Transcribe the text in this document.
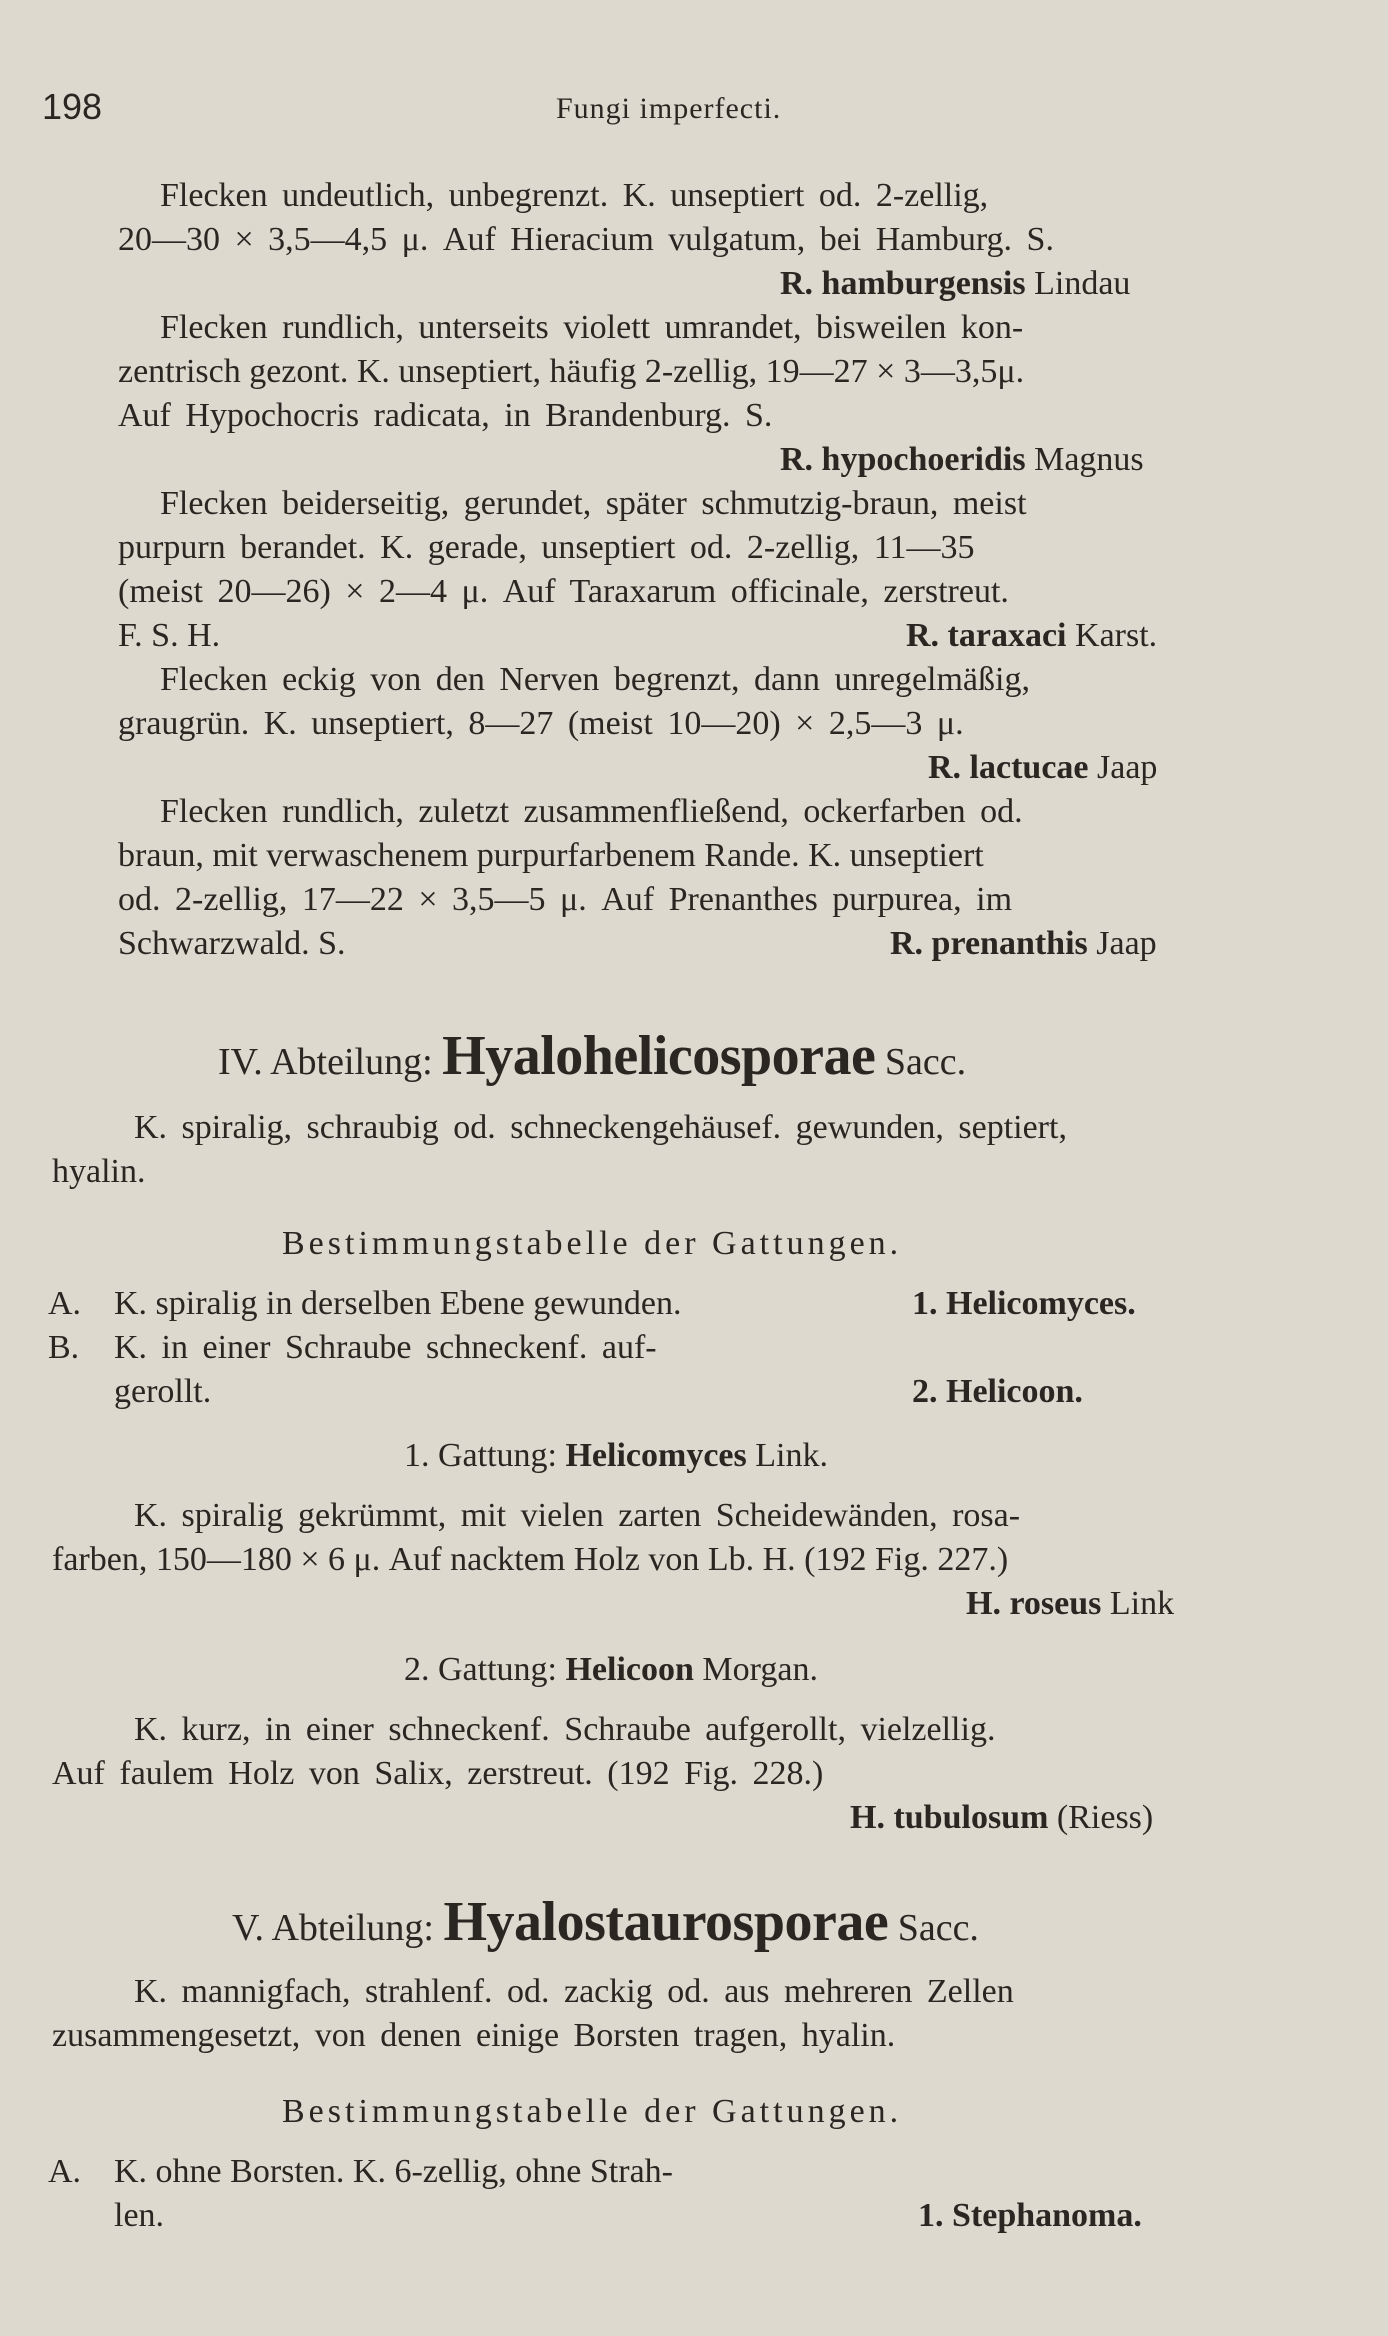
198	Fungi imperfecti.
Flecken undeutlich, unbegrenzt. K. unseptiert od. 2-zellig,
20—30 × 3,5—4,5 μ. Auf Hieracium vulgatum, bei Hamburg. S.
Flecken rundlich, unterseits violett umrandet, bisweilen kon-
zentrisch gezont. K. unseptiert, häufig 2-zellig, 19—27 × 3—3,5μ.
Auf Hypochocris radicata, in Brandenburg. S.
Flecken beiderseitig, gerundet, später schmutzig-braun, meist
purpurn berandet. K. gerade, unseptiert od. 2-zellig, 11—35
(meist 20—26) × 2—4 μ. Auf Taraxarum officinale, zerstreut.
F. S. H.
Flecken eckig von den Nerven begrenzt, dann unregelmäßig,
graugrün. K. unseptiert, 8—27 (meist 10—20) × 2,5—3 μ.
Flecken rundlich, zuletzt zusammenfließend, ockerfarben od.
braun, mit verwaschenem purpurfarbenem Rande. K. unseptiert
od. 2-zellig, 17—22 × 3,5—5 μ. Auf Prenanthes purpurea, im
Schwarzwald. S.
R. hamburgensis Lindau
R. hypochoeridis Magnus
R. taraxaci Karst.
R. lactucae Jaap
R. prenanthis Jaap
IV. Abteilung: Hyalohelicosporae Sacc.
K. spiralig, schraubig od. schneckengehäusef. gewunden, septiert,
hyalin.
Bestimmungstabelle der Gattungen.
A. K. spiralig in derselben Ebene gewunden.	1. Helicomyces.
B. K. in einer Schraube schneckenf. auf-
gerollt.	2. Helicoon.
1. Gattung: Helicomyces Link.
K. spiralig gekrümmt, mit vielen zarten Scheidewänden, rosa-
farben, 150—180 × 6 μ. Auf nacktem Holz von Lb. H. (192 Fig. 227.)
H. roseus Link
2. Gattung: Helicoon Morgan.
K. kurz, in einer schneckenf. Schraube aufgerollt, vielzellig.
Auf faulem Holz von Salix, zerstreut. (192 Fig. 228.)
H. tubulosum (Riess)
V. Abteilung: Hyalostaurosporae Sacc.
K. mannigfach, strahlenf. od. zackig od. aus mehreren Zellen
zusammengesetzt, von denen einige Borsten tragen, hyalin.
Bestimmungstabelle der Gattungen.
A. K. ohne Borsten. K. 6-zellig, ohne Strah-
len.	1. Stephanoma.
